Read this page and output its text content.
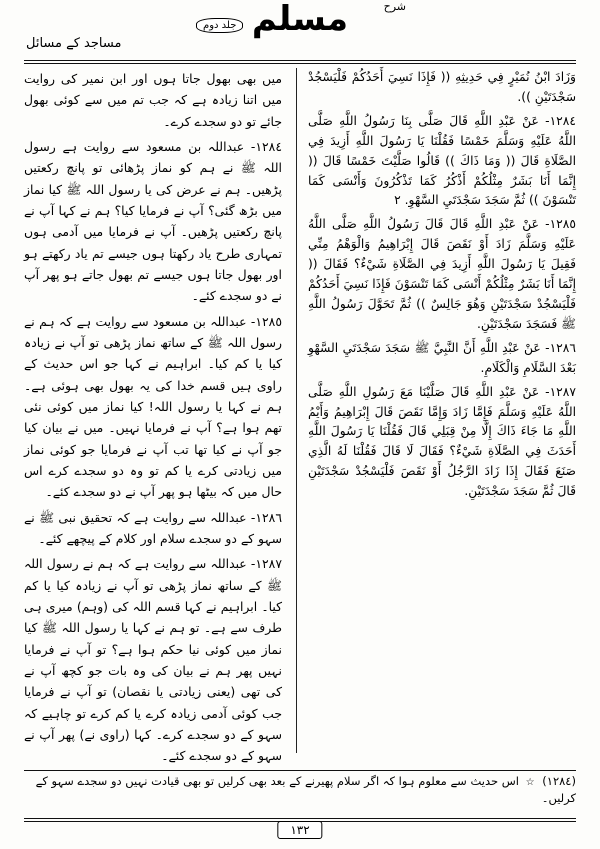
شرح
مسلم
جلد دوم
مساجد کے مسائل

وَزَادَ ابْنُ نُمَيْرٍ فِي حَدِيثِهِ (( فَإِذَا نَسِيَ أَحَدُكُمْ فَلْيَسْجُدْ سَجْدَتَيْنِ )).

١٢٨٤- عَنْ عَبْدِ اللَّهِ قَالَ صَلَّى بِنَا رَسُولُ اللَّهِ صَلَّى اللَّهُ عَلَيْهِ وَسَلَّمَ خَمْسًا فَقُلْنَا يَا رَسُولَ اللَّهِ أَزِيدَ فِي الصَّلَاةِ قَالَ (( وَمَا ذَاكَ )) قَالُوا صَلَّيْتَ خَمْسًا قَالَ (( إِنَّمَا أَنَا بَشَرٌ مِثْلُكُمْ أَذْكُرُ كَمَا تَذْكُرُونَ وَأَنْسَى كَمَا تَنْسَوْنَ )) ثُمَّ سَجَدَ سَجْدَتَيِ السَّهْوِ. ٢

١٢٨٥- عَنْ عَبْدِ اللَّهِ قَالَ قَالَ رَسُولُ اللَّهِ صَلَّى اللَّهُ عَلَيْهِ وَسَلَّمَ زَادَ أَوْ نَقَصَ قَالَ إِبْرَاهِيمُ وَالْوَهْمُ مِنِّي فَقِيلَ يَا رَسُولَ اللَّهِ أَزِيدَ فِي الصَّلَاةِ شَيْءٌ؟ فَقَالَ (( إِنَّمَا أَنَا بَشَرٌ مِثْلُكُمْ أَنْسَى كَمَا تَنْسَوْنَ فَإِذَا نَسِيَ أَحَدُكُمْ فَلْيَسْجُدْ سَجْدَتَيْنِ وَهُوَ جَالِسٌ )) ثُمَّ تَحَوَّلَ رَسُولُ اللَّهِ ﷺ فَسَجَدَ سَجْدَتَيْنِ.

١٢٨٦- عَنْ عَبْدِ اللَّهِ أَنَّ النَّبِيَّ ﷺ سَجَدَ سَجْدَتَيِ السَّهْوِ بَعْدَ السَّلَامِ وَالْكَلَامِ.

١٢٨٧- عَنْ عَبْدِ اللَّهِ قَالَ صَلَّيْنَا مَعَ رَسُولِ اللَّهِ صَلَّى اللَّهُ عَلَيْهِ وَسَلَّمَ فَإِمَّا زَادَ وَإِمَّا نَقَصَ قَالَ إِبْرَاهِيمُ وَأَيْمُ اللَّهِ مَا جَاءَ ذَاكَ إِلَّا مِنْ قِبَلِي قَالَ فَقُلْنَا يَا رَسُولَ اللَّهِ أَحَدَثَ فِي الصَّلَاةِ شَيْءٌ؟ فَقَالَ لَا قَالَ فَقُلْنَا لَهُ الَّذِي صَنَعَ فَقَالَ إِذَا زَادَ الرَّجُلُ أَوْ نَقَصَ فَلْيَسْجُدْ سَجْدَتَيْنِ قَالَ ثُمَّ سَجَدَ سَجْدَتَيْنِ.

میں بھی بھول جاتا ہوں اور ابن نمیر کی روایت میں اتنا زیادہ ہے کہ جب تم میں سے کوئی بھول جائے تو دو سجدے کرے۔

١٢٨٤- عبداللہ بن مسعود سے روایت ہے رسول اللہ ﷺ نے ہم کو نماز پڑھائی تو پانچ رکعتیں پڑھیں۔ ہم نے عرض کی یا رسول اللہ ﷺ کیا نماز میں بڑھ گئی؟ آپ نے فرمایا کیا؟ ہم نے کہا آپ نے پانچ رکعتیں پڑھیں۔ آپ نے فرمایا میں آدمی ہوں تمہاری طرح یاد رکھتا ہوں جیسے تم یاد رکھتے ہو اور بھول جاتا ہوں جیسے تم بھول جاتے ہو پھر آپ نے دو سجدے کئے۔

١٢٨٥- عبداللہ بن مسعود سے روایت ہے کہ ہم نے رسول اللہ ﷺ کے ساتھ نماز پڑھی تو آپ نے زیادہ کیا یا کم کیا۔ ابراہیم نے کہا جو اس حدیث کے راوی ہیں قسم خدا کی یہ بھول بھی ہوئی ہے۔ ہم نے کہا یا رسول اللہ! کیا نماز میں کوئی نئی تھم ہوا ہے؟ آپ نے فرمایا نہیں۔ میں نے بیان کیا جو آپ نے کیا تھا تب آپ نے فرمایا جو کوئی نماز میں زیادتی کرے یا کم تو وہ دو سجدے کرے اس حال میں کہ بیٹھا ہو پھر آپ نے دو سجدے کئے۔

١٢٨٦- عبداللہ سے روایت ہے کہ تحقیق نبی ﷺ نے سہو کے دو سجدے سلام اور کلام کے پیچھے کئے۔

١٢٨٧- عبداللہ سے روایت ہے کہ ہم نے رسول اللہ ﷺ کے ساتھ نماز پڑھی تو آپ نے زیادہ کیا یا کم کیا۔ ابراہیم نے کہا قسم اللہ کی (وہم) میری ہی طرف سے ہے۔ تو ہم نے کہا یا رسول اللہ ﷺ کیا نماز میں کوئی نیا حکم ہوا ہے؟ تو آپ نے فرمایا نہیں پھر ہم نے بیان کی وہ بات جو کچھ آپ نے کی تھی (یعنی زیادتی یا نقصان) تو آپ نے فرمایا جب کوئی آدمی زیادہ کرے یا کم کرے تو چاہیے کہ سہو کے دو سجدے کرے۔ کہا (راوی نے) پھر آپ نے سہو کے دو سجدے کئے۔

(١٢٨٤) ☆ اس حدیث سے معلوم ہوا کہ اگر سلام پھیرنے کے بعد بھی کرلیں تو بھی قیادت نہیں دو سجدے سہو کے کرلیں۔
١٣٢
